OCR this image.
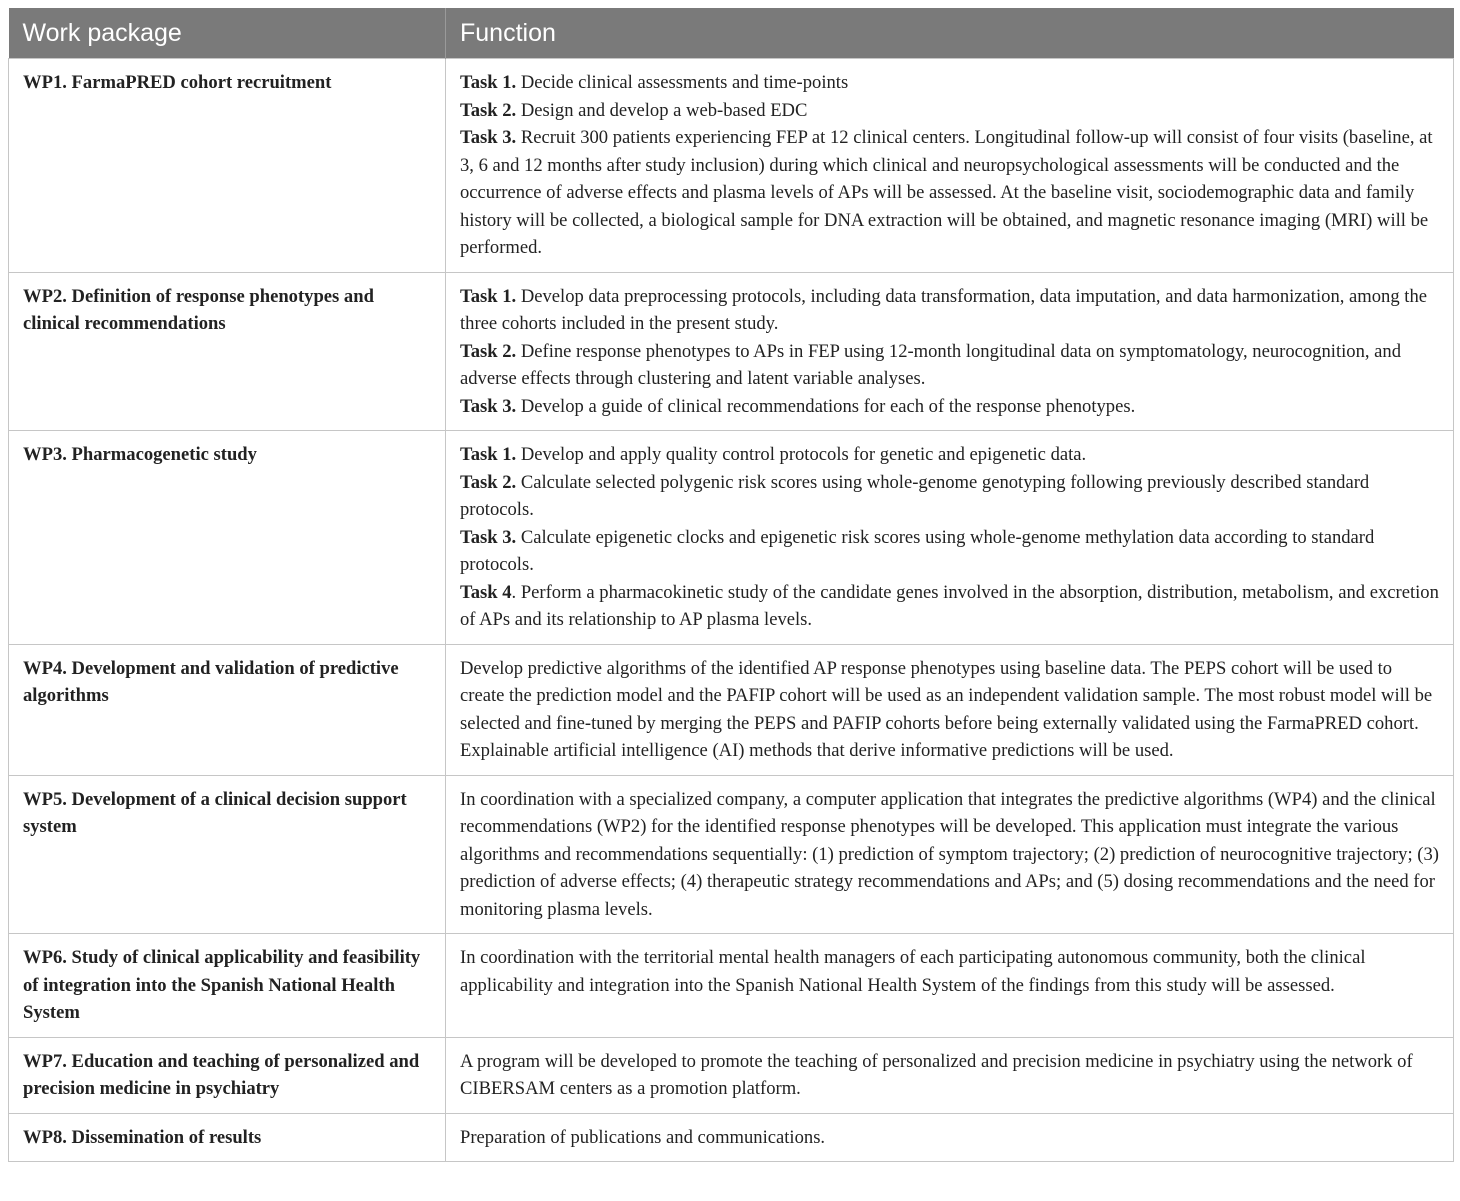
Work package	Function
WP1. FarmaPRED cohort recruitment	Task 1. Decide clinical assessments and time-points
Task 2. Design and develop a web-based EDC
Task 3. Recruit 300 patients experiencing FEP at 12 clinical centers. Longitudinal follow-up will consist of four visits (baseline, at 3, 6 and 12 months after study inclusion) during which clinical and neuropsychological assessments will be conducted and the occurrence of adverse effects and plasma levels of APs will be assessed. At the baseline visit, sociodemographic data and family history will be collected, a biological sample for DNA extraction will be obtained, and magnetic resonance imaging (MRI) will be performed.

WP2. Definition of response phenotypes and clinical recommendations	Task 1. Develop data preprocessing protocols, including data transformation, data imputation, and data harmonization, among the three cohorts included in the present study.
Task 2. Define response phenotypes to APs in FEP using 12-month longitudinal data on symptomatology, neurocognition, and adverse effects through clustering and latent variable analyses.
Task 3. Develop a guide of clinical recommendations for each of the response phenotypes.

WP3. Pharmacogenetic study	Task 1. Develop and apply quality control protocols for genetic and epigenetic data.
Task 2. Calculate selected polygenic risk scores using whole-genome genotyping following previously described standard protocols.
Task 3. Calculate epigenetic clocks and epigenetic risk scores using whole-genome methylation data according to standard protocols.
Task 4. Perform a pharmacokinetic study of the candidate genes involved in the absorption, distribution, metabolism, and excretion of APs and its relationship to AP plasma levels.

WP4. Development and validation of predictive algorithms	Develop predictive algorithms of the identified AP response phenotypes using baseline data. The PEPS cohort will be used to create the prediction model and the PAFIP cohort will be used as an independent validation sample. The most robust model will be selected and fine-tuned by merging the PEPS and PAFIP cohorts before being externally validated using the FarmaPRED cohort. Explainable artificial intelligence (AI) methods that derive informative predictions will be used.
WP5. Development of a clinical decision support system	In coordination with a specialized company, a computer application that integrates the predictive algorithms (WP4) and the clinical recommendations (WP2) for the identified response phenotypes will be developed. This application must integrate the various algorithms and recommendations sequentially: (1) prediction of symptom trajectory; (2) prediction of neurocognitive trajectory; (3) prediction of adverse effects; (4) therapeutic strategy recommendations and APs; and (5) dosing recommendations and the need for monitoring plasma levels.
WP6. Study of clinical applicability and feasibility of integration into the Spanish National Health System	In coordination with the territorial mental health managers of each participating autonomous community, both the clinical applicability and integration into the Spanish National Health System of the findings from this study will be assessed.
WP7. Education and teaching of personalized and precision medicine in psychiatry	A program will be developed to promote the teaching of personalized and precision medicine in psychiatry using the network of CIBERSAM centers as a promotion platform.
WP8. Dissemination of results	Preparation of publications and communications.
